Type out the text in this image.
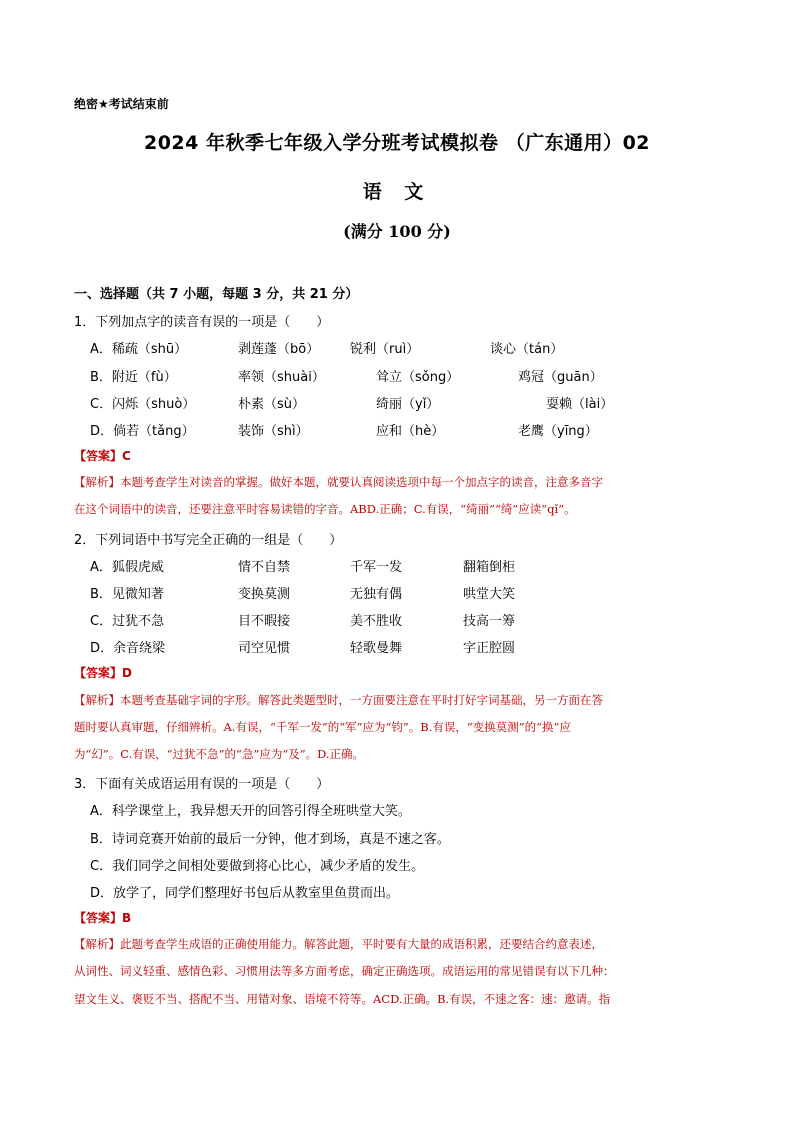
绝密★考试结束前
2024 年秋季七年级入学分班考试模拟卷 （广东通用）02
语 文
(满分 100 分)
一、选择题（共 7 小题，每题 3 分，共 21 分）
1．下列加点字的读音有误的一项是（　　）
A．稀疏（shū）	剥莲蓬（bō） 锐利（ruì）	谈心（tán）
B．附近（fù）	率领（shuài）	耸立（sǒng）	鸡冠（guān）
C．闪烁（shuò）	朴素（sù）	绮丽（yǐ）	耍赖（lài）
D．倘若（tǎng）	装饰（shì）	应和（hè）	老鹰（yīng）
【答案】C
【解析】本题考查学生对读音的掌握。做好本题，就要认真阅读选项中每一个加点字的读音，注意多音字
在这个词语中的读音，还要注意平时容易读错的字音。ABD.正确；C.有误，“绮丽”“绮”应读“qǐ”。
2．下列词语中书写完全正确的一组是（　　）
A．狐假虎威	情不自禁	千军一发	翻箱倒柜
B．见微知著	变换莫测	无独有偶	哄堂大笑
C．过犹不急	目不暇接	美不胜收	技高一筹
D．余音绕梁	司空见惯	轻歌曼舞	字正腔圆
【答案】D
【解析】本题考查基础字词的字形。解答此类题型时，一方面要注意在平时打好字词基础，另一方面在答
题时要认真审题，仔细辨析。A.有误，“千军一发”的“军”应为“钧”。B.有误，“变换莫测”的“换”应
为“幻”。C.有误，“过犹不急”的“急”应为“及”。D.正确。
3．下面有关成语运用有误的一项是（　　）
A．科学课堂上，我异想天开的回答引得全班哄堂大笑。
B．诗词竞赛开始前的最后一分钟，他才到场，真是不速之客。
C．我们同学之间相处要做到将心比心，减少矛盾的发生。
D．放学了，同学们整理好书包后从教室里鱼贯而出。
【答案】B
【解析】此题考查学生成语的正确使用能力。解答此题，平时要有大量的成语积累，还要结合约意表述，
从词性、词义轻重、感情色彩、习惯用法等多方面考虑，确定正确选项。成语运用的常见错误有以下几种：
望文生义、褒贬不当、搭配不当、用错对象、语境不符等。ACD.正确。B.有误，不速之客：速：邀请。指
